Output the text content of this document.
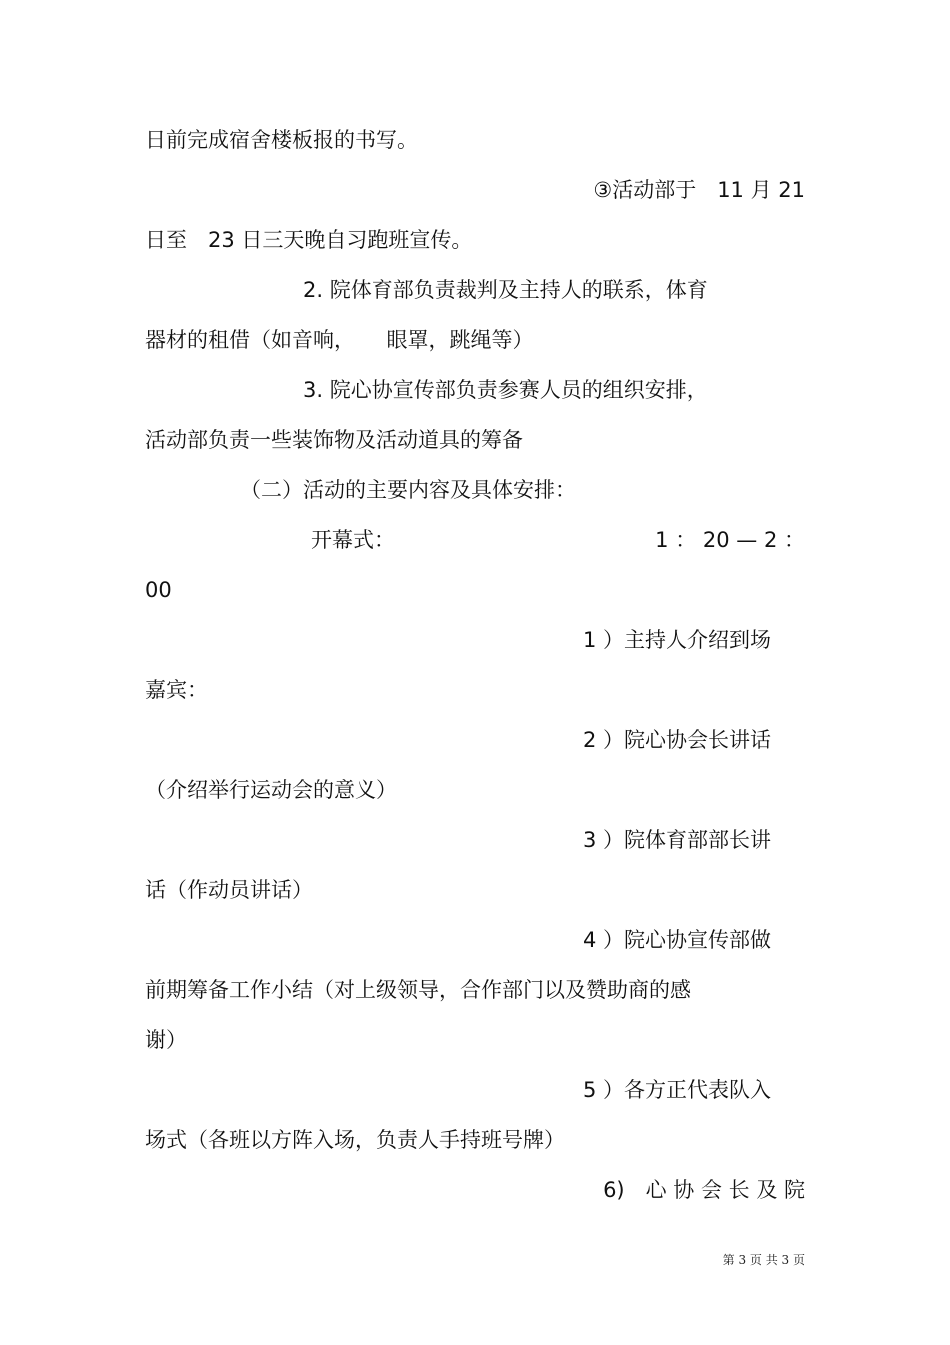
日前完成宿舍楼板报的书写。
③活动部于　11 月 21
日至　23 日三天晚自习跑班宣传。
2. 院体育部负责裁判及主持人的联系，体育
器材的租借（如音响，　　眼罩，跳绳等）
3. 院心协宣传部负责参赛人员的组织安排，
活动部负责一些装饰物及活动道具的筹备
（二）活动的主要内容及具体安排：
开幕式：	1 ： 20 — 2 ：
00
1 ）主持人介绍到场
嘉宾：
2 ）院心协会长讲话
（介绍举行运动会的意义）
3 ）院体育部部长讲
话（作动员讲话）
4 ）院心协宣传部做
前期筹备工作小结（对上级领导，合作部门以及赞助商的感
谢）
5 ）各方正代表队入
场式（各班以方阵入场，负责人手持班号牌）
6)　心 协 会 长 及 院
第 3 页 共 3 页
